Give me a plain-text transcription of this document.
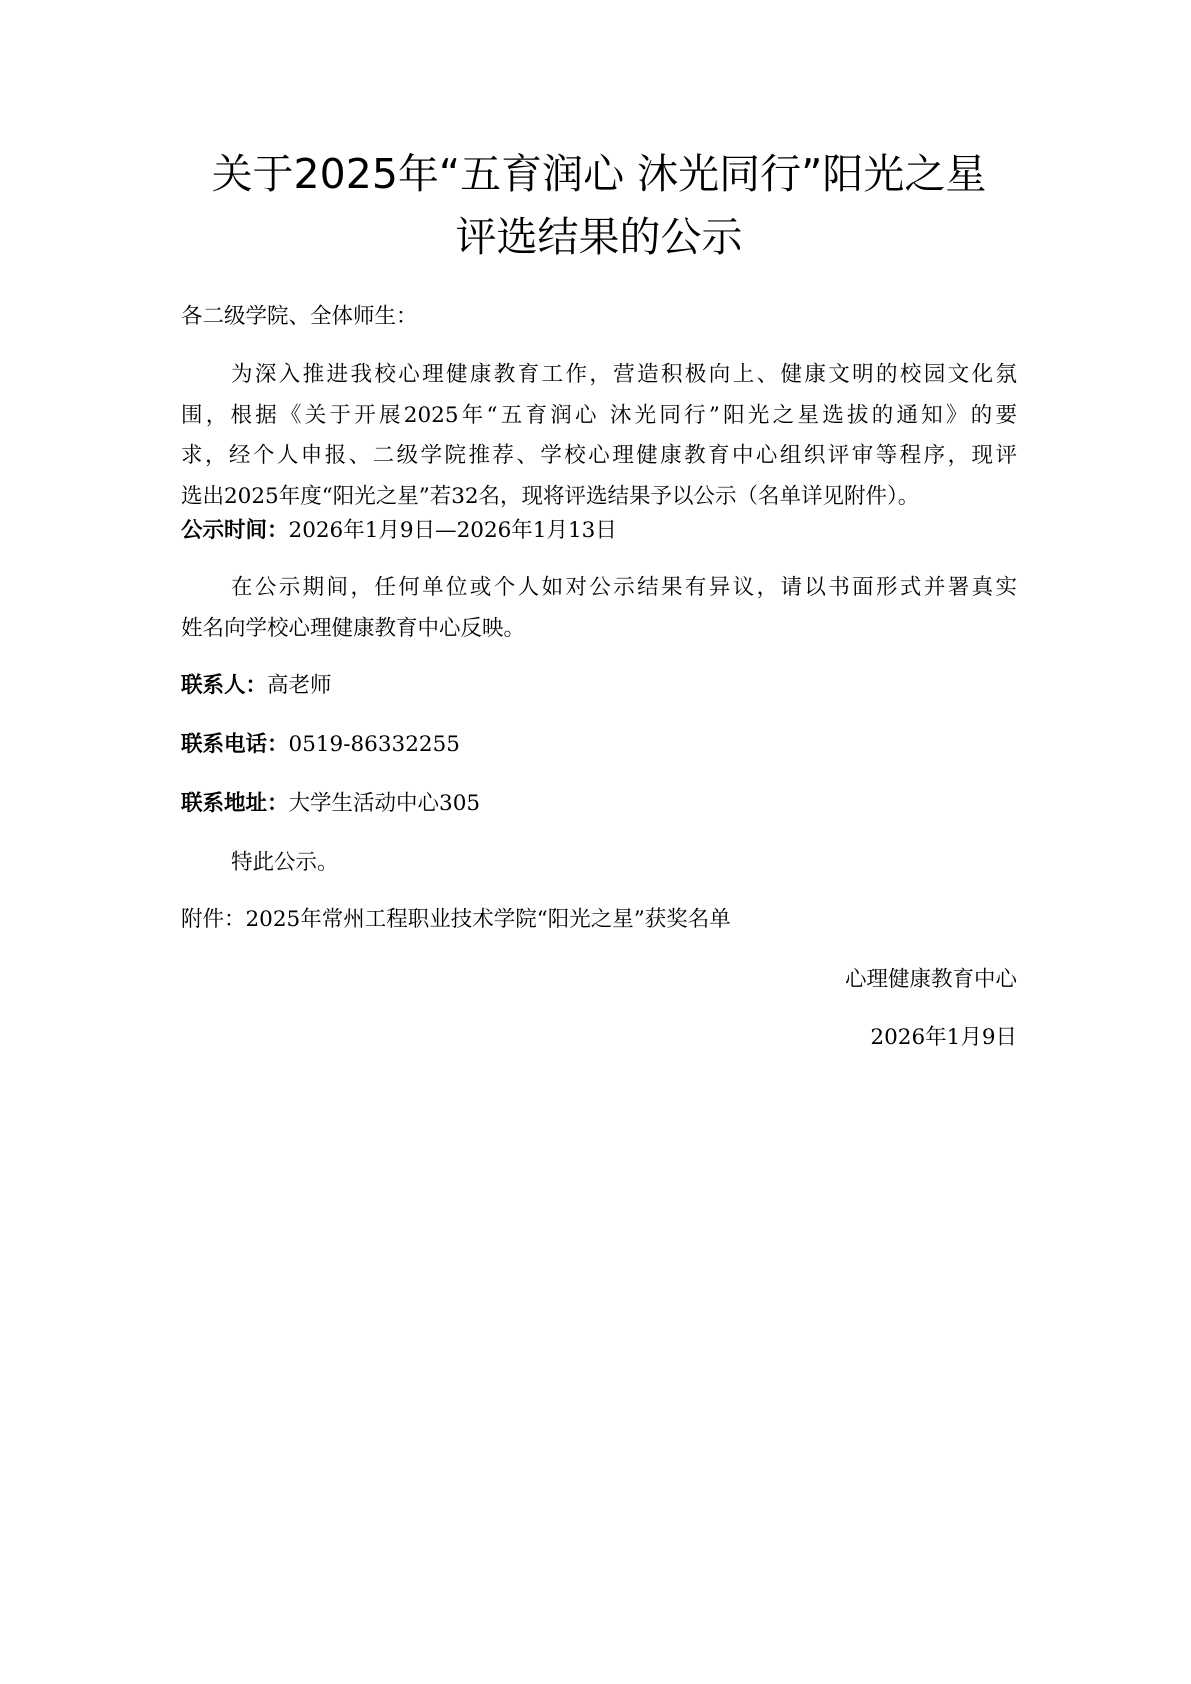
关于2025年“五育润心 沐光同行”阳光之星
评选结果的公示
各二级学院、全体师生：
为深入推进我校心理健康教育工作，营造积极向上、健康文明的校园文化氛
围，根据《关于开展2025年“五育润心 沐光同行”阳光之星选拔的通知》的要
求，经个人申报、二级学院推荐、学校心理健康教育中心组织评审等程序，现评
选出2025年度“阳光之星”若32名，现将评选结果予以公示（名单详见附件）。
公示时间：2026年1月9日—2026年1月13日
在公示期间，任何单位或个人如对公示结果有异议，请以书面形式并署真实
姓名向学校心理健康教育中心反映。
联系人：高老师
联系电话：0519-86332255
联系地址：大学生活动中心305
特此公示。
附件：2025年常州工程职业技术学院“阳光之星”获奖名单
心理健康教育中心
2026年1月9日
